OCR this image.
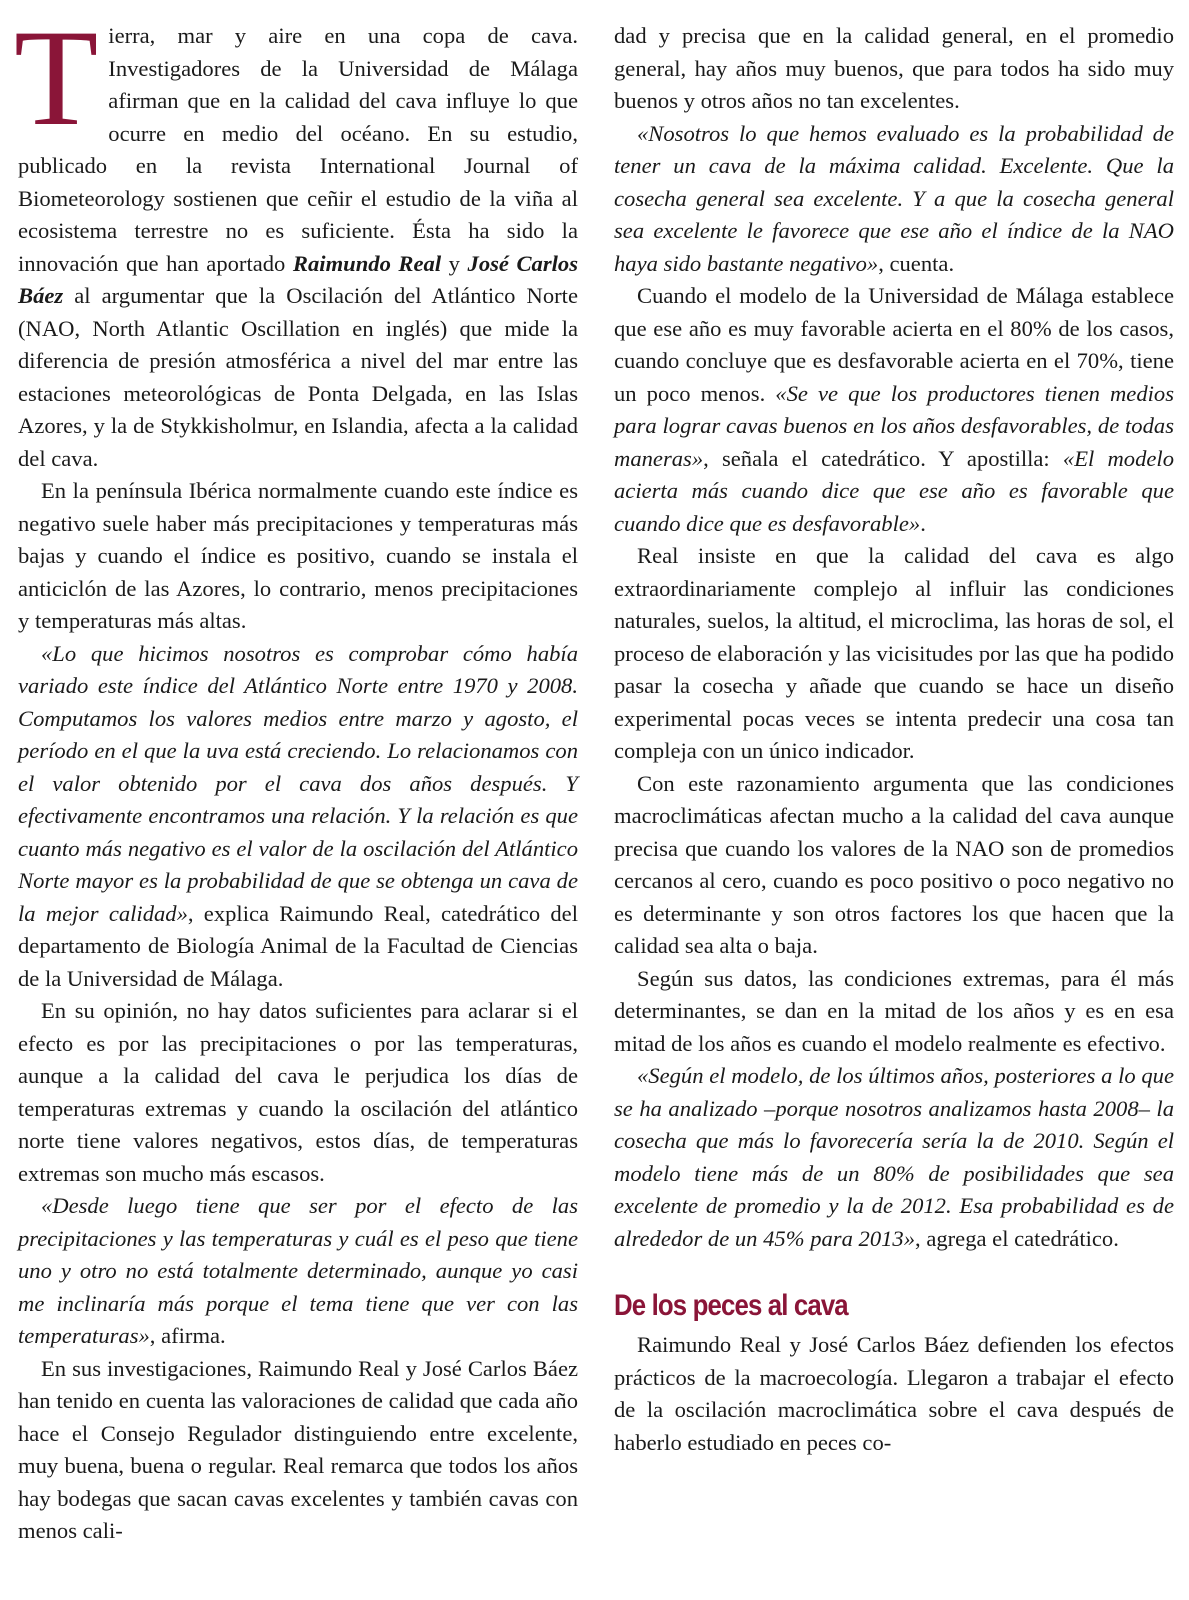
Tierra, mar y aire en una copa de cava. Investigadores de la Universidad de Málaga afirman que en la calidad del cava influye lo que ocurre en medio del océano. En su estudio, publicado en la revista International Journal of Biometeorology sostienen que ceñir el estudio de la viña al ecosistema terrestre no es suficiente. Ésta ha sido la innovación que han aportado Raimundo Real y José Carlos Báez al argumentar que la Oscilación del Atlántico Norte (NAO, North Atlantic Oscillation en inglés) que mide la diferencia de presión atmosférica a nivel del mar entre las estaciones meteorológicas de Ponta Delgada, en las Islas Azores, y la de Stykkisholmur, en Islandia, afecta a la calidad del cava.

En la península Ibérica normalmente cuando este índice es negativo suele haber más precipitaciones y temperaturas más bajas y cuando el índice es positivo, cuando se instala el anticiclón de las Azores, lo contrario, menos precipitaciones y temperaturas más altas.

«Lo que hicimos nosotros es comprobar cómo había variado este índice del Atlántico Norte entre 1970 y 2008. Computamos los valores medios entre marzo y agosto, el período en el que la uva está creciendo. Lo relacionamos con el valor obtenido por el cava dos años después. Y efectivamente encontramos una relación. Y la relación es que cuanto más negativo es el valor de la oscilación del Atlántico Norte mayor es la probabilidad de que se obtenga un cava de la mejor calidad», explica Raimundo Real, catedrático del departamento de Biología Animal de la Facultad de Ciencias de la Universidad de Málaga.

En su opinión, no hay datos suficientes para aclarar si el efecto es por las precipitaciones o por las temperaturas, aunque a la calidad del cava le perjudica los días de temperaturas extremas y cuando la oscilación del atlántico norte tiene valores negativos, estos días, de temperaturas extremas son mucho más escasos.

«Desde luego tiene que ser por el efecto de las precipitaciones y las temperaturas y cuál es el peso que tiene uno y otro no está totalmente determinado, aunque yo casi me inclinaría más porque el tema tiene que ver con las temperaturas», afirma.

En sus investigaciones, Raimundo Real y José Carlos Báez han tenido en cuenta las valoraciones de calidad que cada año hace el Consejo Regulador distinguiendo entre excelente, muy buena, buena o regular. Real remarca que todos los años hay bodegas que sacan cavas excelentes y también cavas con menos cali-

dad y precisa que en la calidad general, en el promedio general, hay años muy buenos, que para todos ha sido muy buenos y otros años no tan excelentes.

«Nosotros lo que hemos evaluado es la probabilidad de tener un cava de la máxima calidad. Excelente. Que la cosecha general sea excelente. Y a que la cosecha general sea excelente le favorece que ese año el índice de la NAO haya sido bastante negativo», cuenta.

Cuando el modelo de la Universidad de Málaga establece que ese año es muy favorable acierta en el 80% de los casos, cuando concluye que es desfavorable acierta en el 70%, tiene un poco menos. «Se ve que los productores tienen medios para lograr cavas buenos en los años desfavorables, de todas maneras», señala el catedrático. Y apostilla: «El modelo acierta más cuando dice que ese año es favorable que cuando dice que es desfavorable».

Real insiste en que la calidad del cava es algo extraordinariamente complejo al influir las condiciones naturales, suelos, la altitud, el microclima, las horas de sol, el proceso de elaboración y las vicisitudes por las que ha podido pasar la cosecha y añade que cuando se hace un diseño experimental pocas veces se intenta predecir una cosa tan compleja con un único indicador.

Con este razonamiento argumenta que las condiciones macroclimáticas afectan mucho a la calidad del cava aunque precisa que cuando los valores de la NAO son de promedios cercanos al cero, cuando es poco positivo o poco negativo no es determinante y son otros factores los que hacen que la calidad sea alta o baja.

Según sus datos, las condiciones extremas, para él más determinantes, se dan en la mitad de los años y es en esa mitad de los años es cuando el modelo realmente es efectivo.

«Según el modelo, de los últimos años, posteriores a lo que se ha analizado –porque nosotros analizamos hasta 2008– la cosecha que más lo favorecería sería la de 2010. Según el modelo tiene más de un 80% de posibilidades que sea excelente de promedio y la de 2012. Esa probabilidad es de alrededor de un 45% para 2013», agrega el catedrático.

De los peces al cava

Raimundo Real y José Carlos Báez defienden los efectos prácticos de la macroecología. Llegaron a trabajar el efecto de la oscilación macroclimática sobre el cava después de haberlo estudiado en peces co-
